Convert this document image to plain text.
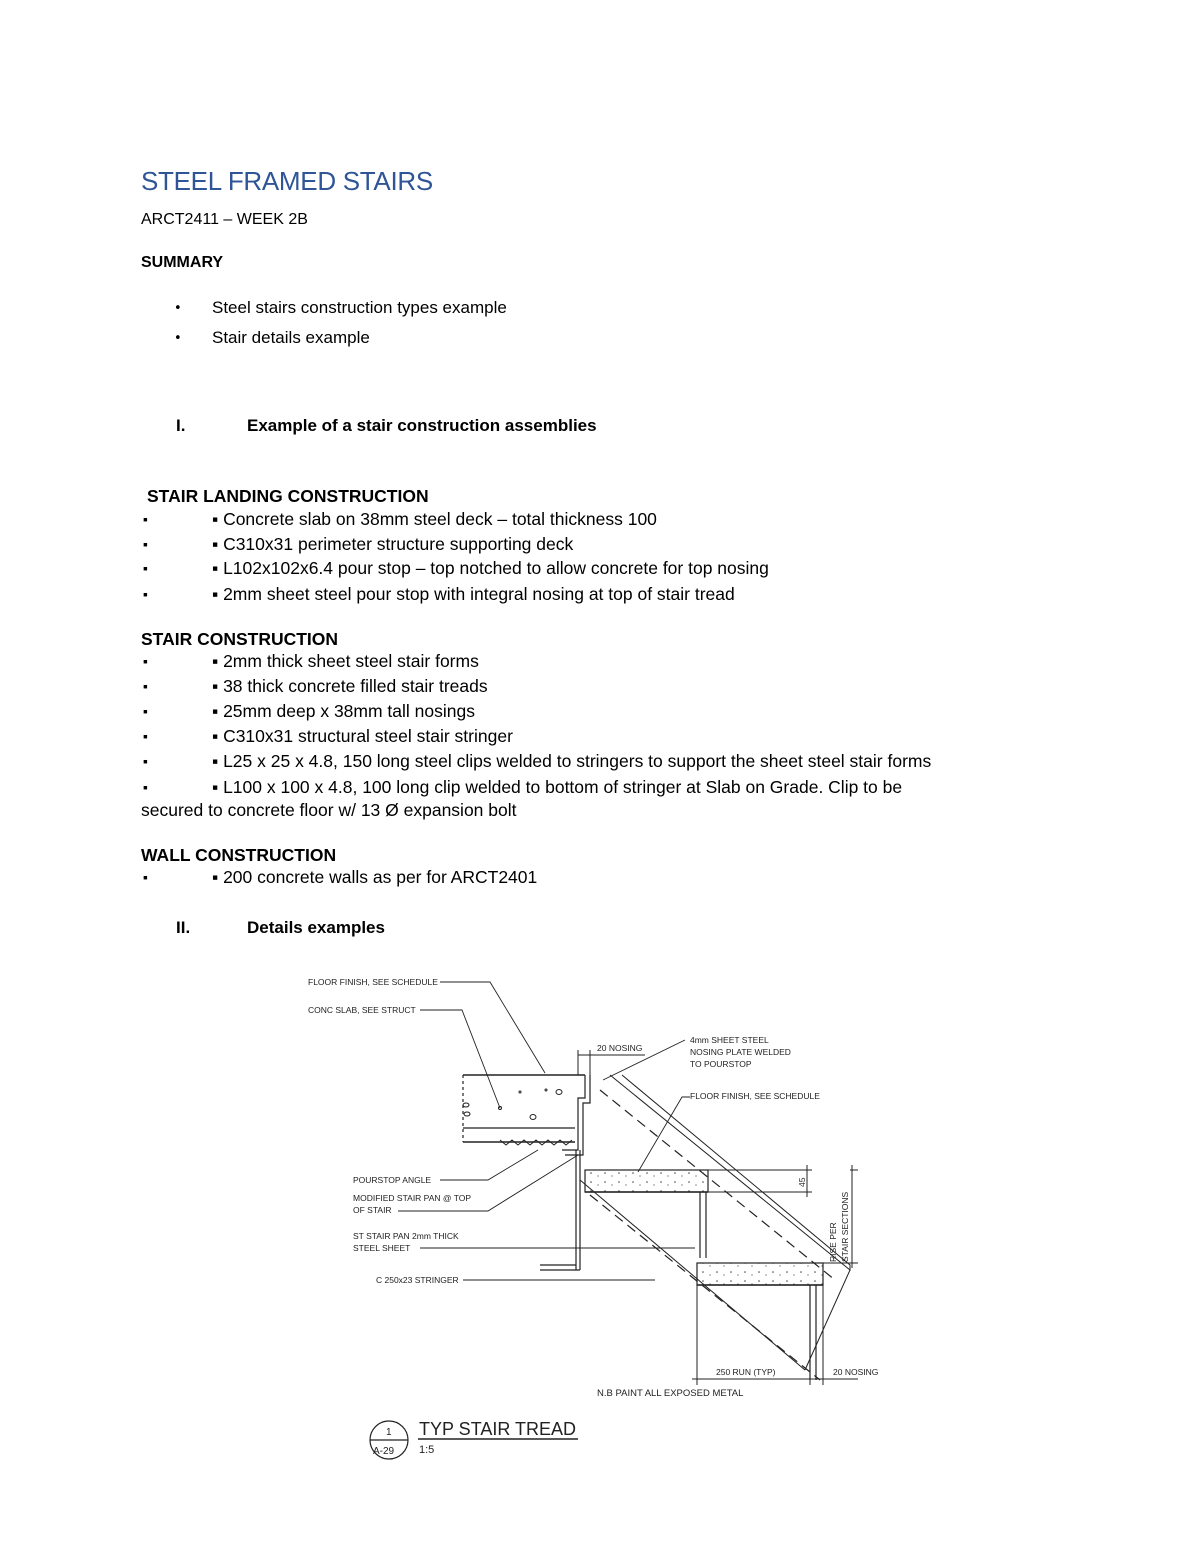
STEEL FRAMED STAIRS
ARCT2411 – WEEK 2B
SUMMARY
• Steel stairs construction types example
• Stair details example
I.	Example of a stair construction assemblies
STAIR LANDING CONSTRUCTION
▪	▪ Concrete slab on 38mm steel deck – total thickness 100
▪	▪ C310x31 perimeter structure supporting deck
▪	▪ L102x102x6.4 pour stop – top notched to allow concrete for top nosing
▪	▪ 2mm sheet steel pour stop with integral nosing at top of stair tread
STAIR CONSTRUCTION
▪	▪ 2mm thick sheet steel stair forms
▪	▪ 38 thick concrete filled stair treads
▪	▪ 25mm deep x 38mm tall nosings
▪	▪ C310x31 structural steel stair stringer
▪	▪ L25 x 25 x 4.8, 150 long steel clips welded to stringers to support the sheet steel stair forms
▪	▪ L100 x 100 x 4.8, 100 long clip welded to bottom of stringer at Slab on Grade. Clip to be
secured to concrete floor w/ 13 Ø expansion bolt
WALL CONSTRUCTION
▪	▪ 200 concrete walls as per for ARCT2401
II.	Details examples
FLOOR FINISH, SEE SCHEDULE
CONC SLAB, SEE STRUCT
20 NOSING
4mm SHEET STEEL
NOSING PLATE WELDED
TO POURSTOP
FLOOR FINISH, SEE SCHEDULE
POURSTOP ANGLE
MODIFIED STAIR PAN @ TOP
OF STAIR
ST STAIR PAN 2mm THICK
STEEL SHEET
C 250x23 STRINGER
45
RISE PER STAIR SECTIONS
250 RUN (TYP)	20 NOSING
N.B PAINT ALL EXPOSED METAL
1
A-29
TYP STAIR TREAD
1:5
